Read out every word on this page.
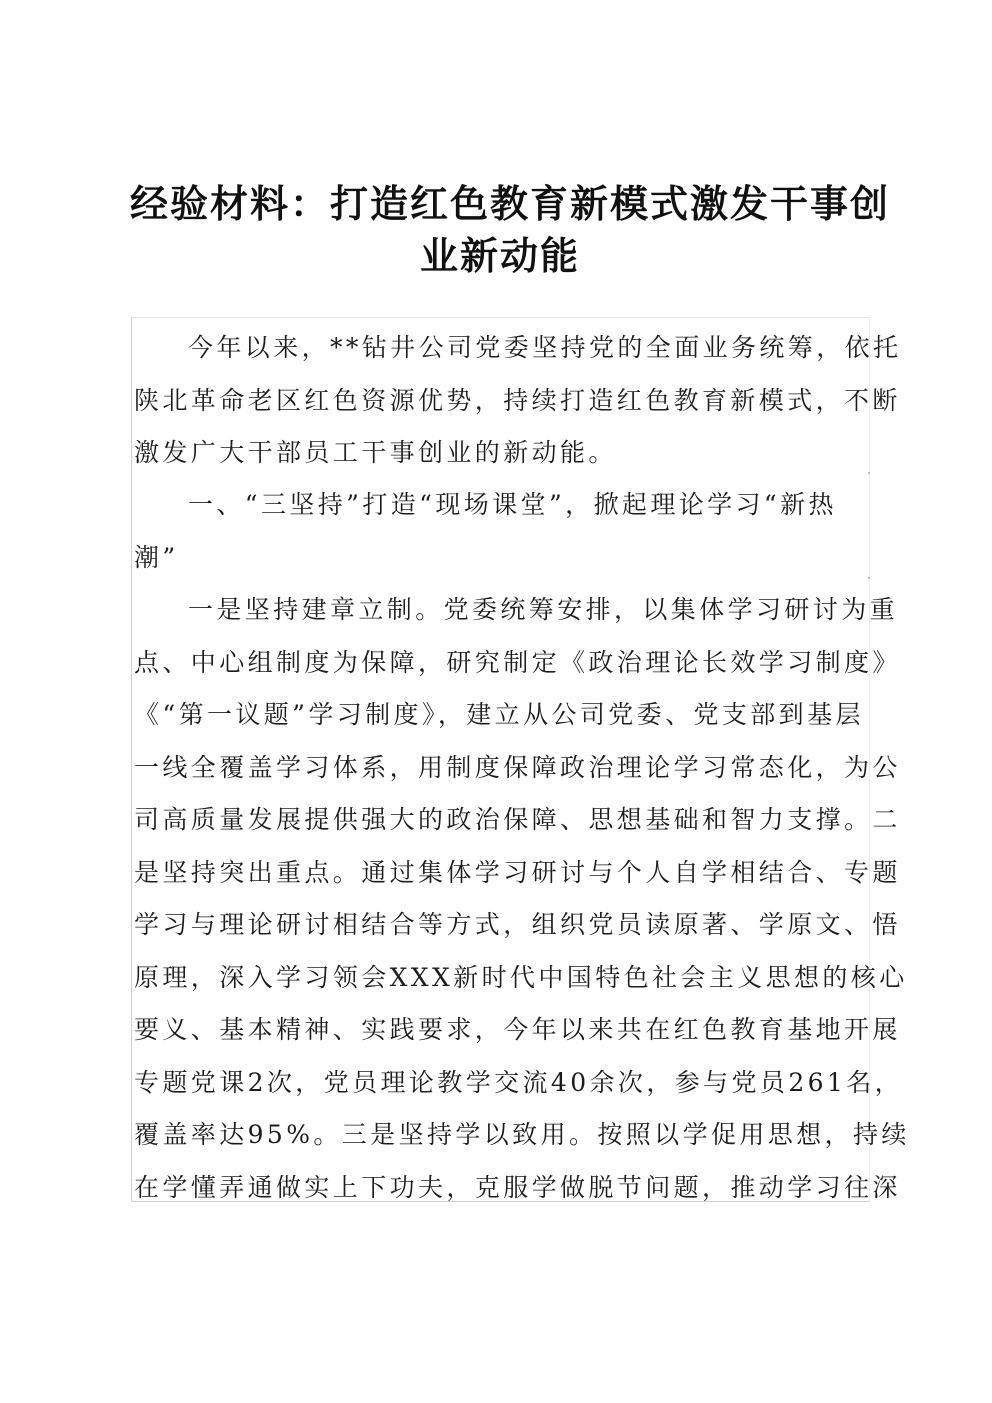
经验材料：打造红色教育新模式激发干事创
业新动能
今年以来，**钻井公司党委坚持党的全面业务统筹，依托
陕北革命老区红色资源优势，持续打造红色教育新模式，不断
激发广大干部员工干事创业的新动能。
一、“三坚持”打造“现场课堂”，掀起理论学习“新热
潮”
一是坚持建章立制。党委统筹安排，以集体学习研讨为重
点、中心组制度为保障，研究制定《政治理论长效学习制度》
《“第一议题”学习制度》，建立从公司党委、党支部到基层
一线全覆盖学习体系，用制度保障政治理论学习常态化，为公
司高质量发展提供强大的政治保障、思想基础和智力支撑。二
是坚持突出重点。通过集体学习研讨与个人自学相结合、专题
学习与理论研讨相结合等方式，组织党员读原著、学原文、悟
原理，深入学习领会XXX新时代中国特色社会主义思想的核心
要义、基本精神、实践要求，今年以来共在红色教育基地开展
专题党课2次，党员理论教学交流40余次，参与党员261名，
覆盖率达95%。三是坚持学以致用。按照以学促用思想，持续
在学懂弄通做实上下功夫，克服学做脱节问题，推动学习往深
